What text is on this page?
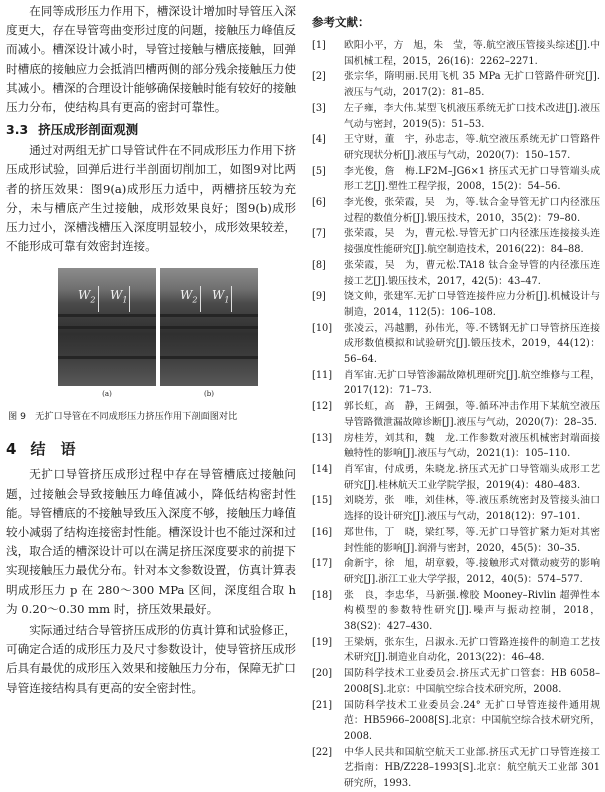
在同等成形压力作用下，槽深设计增加时导管压入深度更大，存在导管弯曲变形过度的问题，接触压力峰值反而减小。槽深设计减小时，导管过接触与槽底接触，回弹时槽底的接触应力会抵消凹槽两侧的部分残余接触压力使其减小。槽深的合理设计能够确保接触时能有较好的接触压力分布，使结构具有更高的密封可靠性。

3.3 挤压成形剖面观测

通过对两组无扩口导管试件在不同成形压力作用下挤压成形试验，回弹后进行半剖面切削加工，如图9对比两者的挤压效果：图9(a)成形压力适中，两槽挤压较为充分，未与槽底产生过接触，成形效果良好；图9(b)成形压力过小，深槽浅槽压入深度明显较小，成形效果较差，不能形成可靠有效密封连接。

$W_2$ $W_1$	$W_2$ $W_1$
(a)	(b)

图 9　无扩口导管在不同成形压力挤压作用下剖面图对比

4 结　语

无扩口导管挤压成形过程中存在导管槽底过接触问题，过接触会导致接触压力峰值减小，降低结构密封性能。导管槽底的不接触导致压入深度不够，接触压力峰值较小减弱了结构连接密封性能。槽深设计也不能过深和过浅，取合适的槽深设计可以在满足挤压深度要求的前提下实现接触压力最优分布。针对本文参数设置，仿真计算表明成形压力 p 在 280～300 MPa 区间，深度组合取 h 为 0.20～0.30 mm 时，挤压效果最好。

实际通过结合导管挤压成形的仿真计算和试验修正，可确定合适的成形压力及尺寸参数设计，使导管挤压成形后具有最优的成形压入效果和接触压力分布，保障无扩口导管连接结构具有更高的安全密封性。

参考文献：

[1]	欧阳小平，方　旭，朱　莹，等.航空液压管接头综述[J].中国机械工程，2015，26(16)：2262–2271.
[2]	张宗华，隋明丽.民用飞机 35 MPa 无扩口管路件研究[J].液压与气动，2017(2)：81–85.
[3]	左子雍，李大伟.某型飞机液压系统无扩口技术改进[J].液压气动与密封，2019(5)：51–53.
[4]	王守财，董　宇，孙忠志，等.航空液压系统无扩口管路件研究现状分析[J].液压与气动，2020(7)：150–157.
[5]	李光俊，詹　梅.LF2M–JG6×1 挤压式无扩口导管端头成形工艺[J].塑性工程学报，2008，15(2)：54–56.
[6]	李光俊，张荣霞，吴　为，等.钛合金导管无扩口内径涨压过程的数值分析[J].锻压技术，2010，35(2)：79–80.
[7]	张荣霞，吴　为，曹元松.导管无扩口内径涨压连接接头连接强度性能研究[J].航空制造技术，2016(22)：84–88.
[8]	张荣霞，吴　为，曹元松.TA18 钛合金导管的内径涨压连接工艺[J].锻压技术，2017，42(5)：43–47.
[9]	饶文帅，张建军.无扩口导管连接件应力分析[J].机械设计与制造，2014，112(5)：106–108.
[10]	张凌云，冯越鹏，孙伟光，等.不锈钢无扩口导管挤压连接成形数值模拟和试验研究[J].锻压技术，2019，44(12)：56–64.
[11]	肖军宙.无扩口导管渗漏故障机理研究[J].航空维修与工程，2017(12)：71–73.
[12]	郭长虹，高　静，王阔强，等.循环冲击作用下某航空液压导管路微泄漏故障诊断[J].液压与气动，2020(7)：28–35.
[13]	房桂芳，刘其和，魏　龙.工作参数对液压机械密封端面接触特性的影响[J].液压与气动，2021(1)：105–110.
[14]	肖军宙，付成勇，朱晓龙.挤压式无扩口导管端头成形工艺研究[J].桂林航天工业学院学报，2019(4)：480–483.
[15]	刘晓芳，张　唯，刘佳林，等.液压系统密封及管接头油口选择的设计研究[J].液压与气动，2018(12)：97–101.
[16]	郑世伟，丁　晓，梁红琴，等.无扩口导管扩紧力矩对其密封性能的影响[J].润滑与密封，2020，45(5)：30–35.
[17]	俞新宇，徐　旭，胡章毅，等.接触形式对微动疲劳的影响研究[J].浙江工业大学学报，2012，40(5)：574–577.
[18]	张　良，李忠华，马新强.橡胶 Mooney–Rivlin 超弹性本构模型的参数特性研究[J].噪声与振动控制，2018，38(S2)：427–430.
[19]	王梁炳，张东生，吕淑永.无扩口管路连接件的制造工艺技术研究[J].制造业自动化，2013(22)：46–48.
[20]	国防科学技术工业委员会.挤压式无扩口管套：HB 6058–2008[S].北京：中国航空综合技术研究所，2008.
[21]	国防科学技术工业委员会.24° 无扩口导管连接件通用规范：HB5966–2008[S].北京：中国航空综合技术研究所，2008.
[22]	中华人民共和国航空航天工业部.挤压式无扩口导管连接工艺指南：HB/Z228–1993[S].北京：航空航天工业部 301 研究所，1993.
